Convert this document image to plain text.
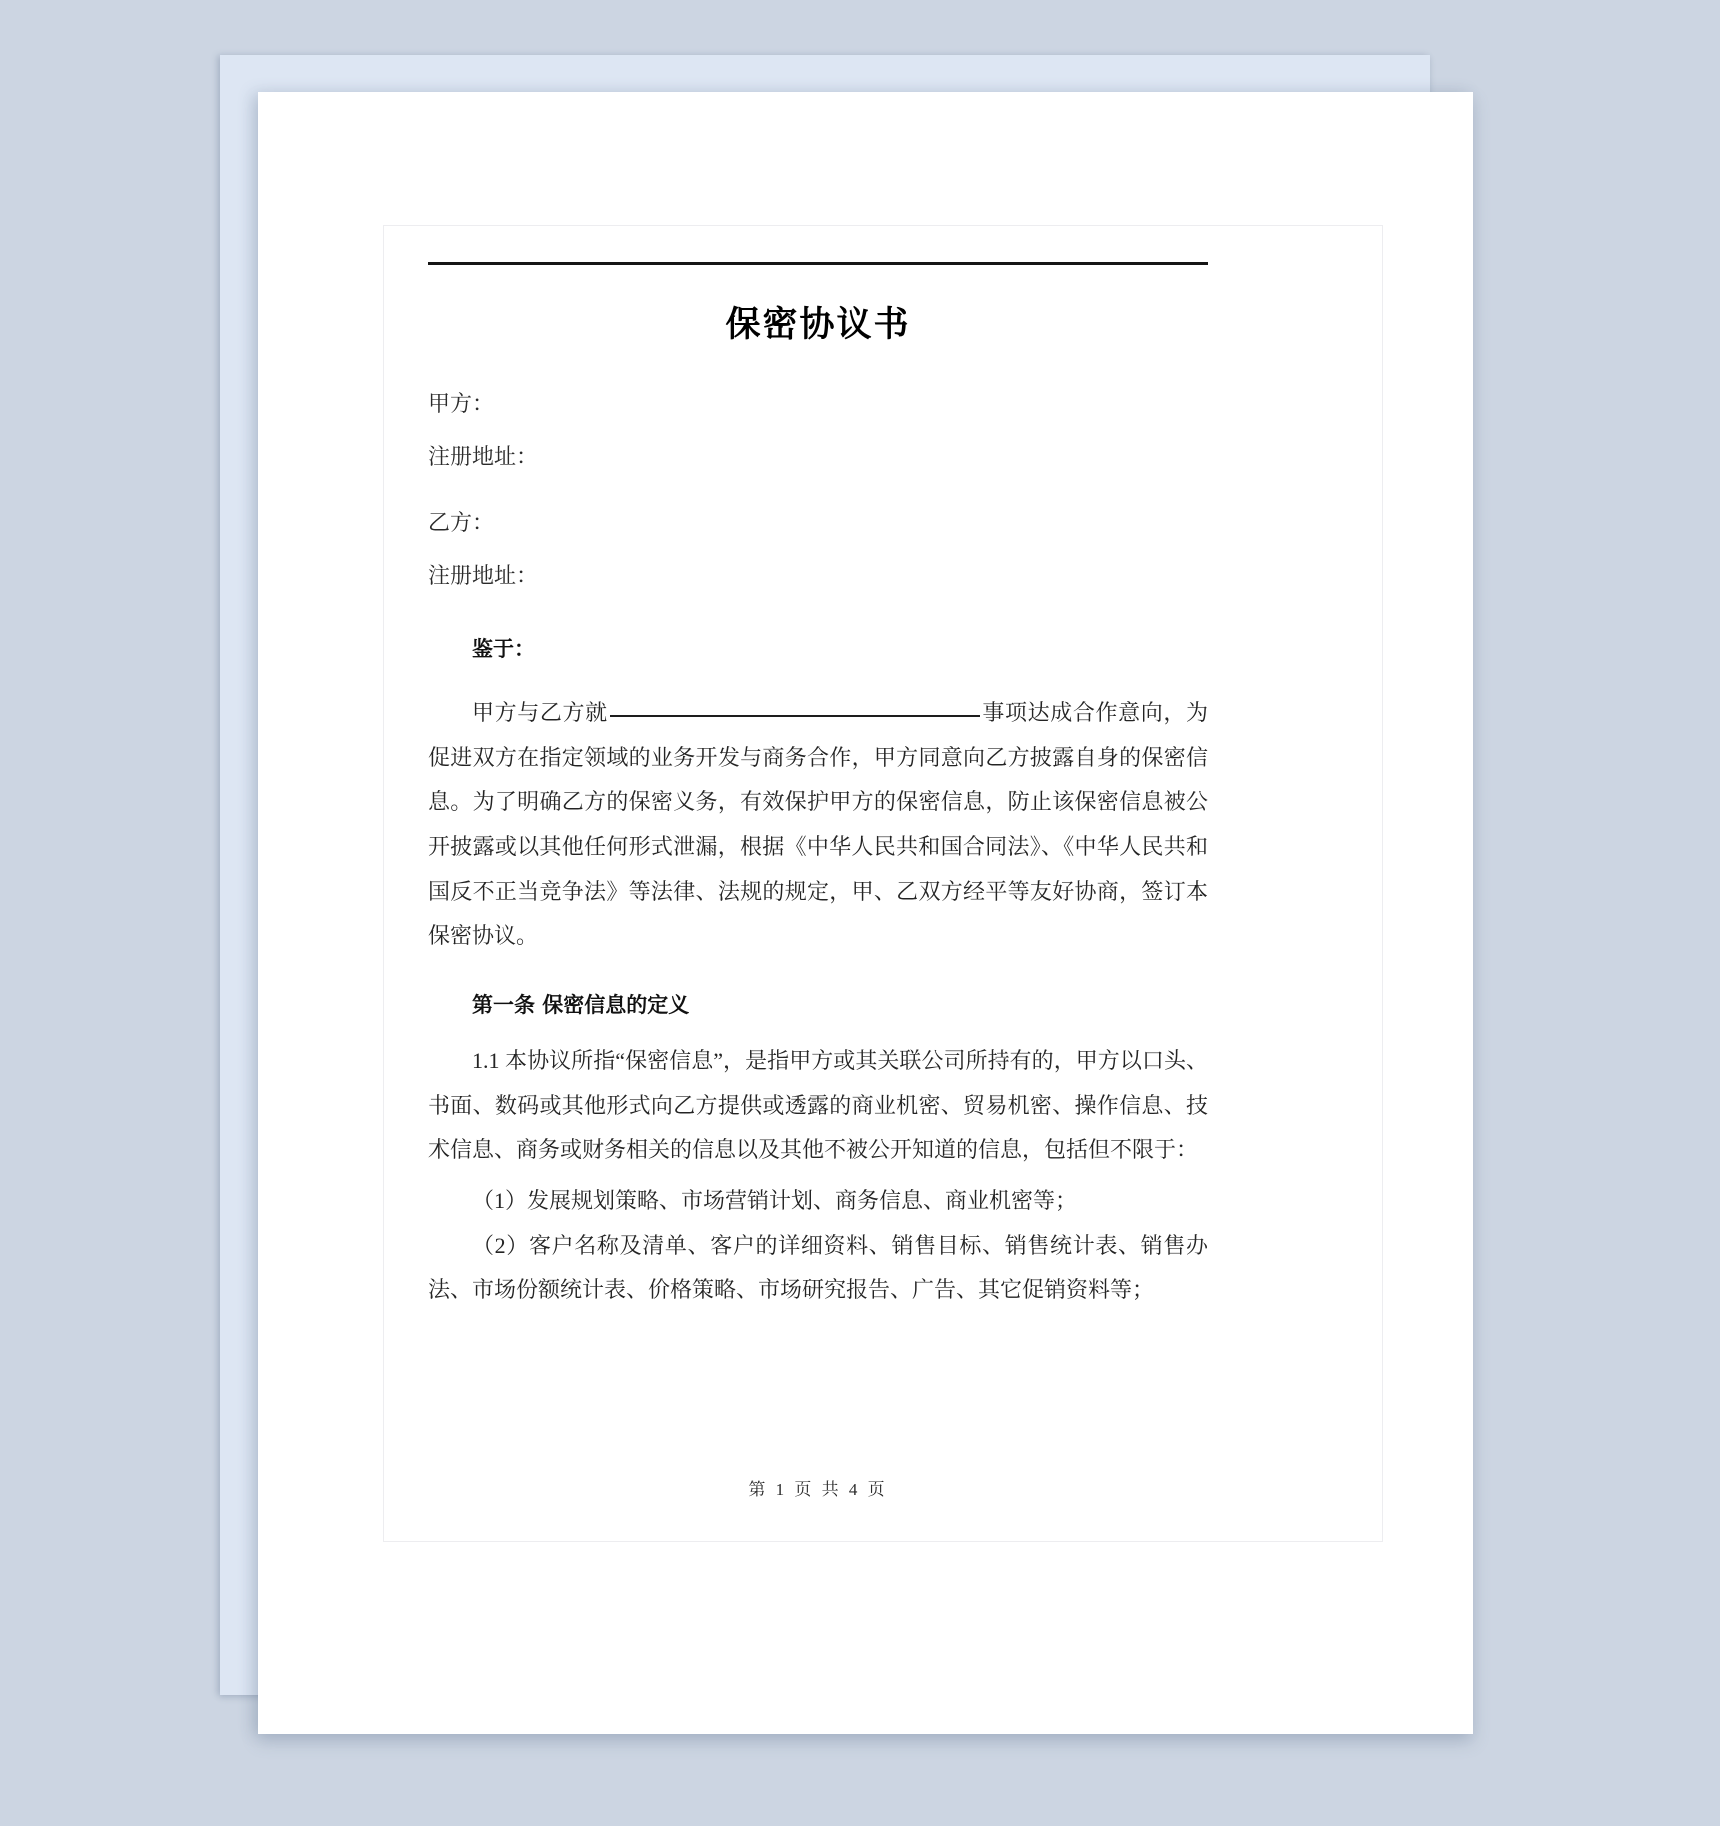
保密协议书

甲方：

注册地址：

乙方：

注册地址：

鉴于：

甲方与乙方就	事项达成合作意向，为促进双方在指定领域的业务开发与商务合作，甲方同意向乙方披露自身的保密信息。为了明确乙方的保密义务，有效保护甲方的保密信息，防止该保密信息被公开披露或以其他任何形式泄漏，根据《中华人民共和国合同法》、《中华人民共和国反不正当竞争法》等法律、法规的规定，甲、乙双方经平等友好协商，签订本保密协议。

第一条 保密信息的定义

1.1 本协议所指“保密信息”，是指甲方或其关联公司所持有的，甲方以口头、书面、数码或其他形式向乙方提供或透露的商业机密、贸易机密、操作信息、技术信息、商务或财务相关的信息以及其他不被公开知道的信息，包括但不限于：

（1）发展规划策略、市场营销计划、商务信息、商业机密等；

（2）客户名称及清单、客户的详细资料、销售目标、销售统计表、销售办法、市场份额统计表、价格策略、市场研究报告、广告、其它促销资料等；

第 1 页 共 4 页
